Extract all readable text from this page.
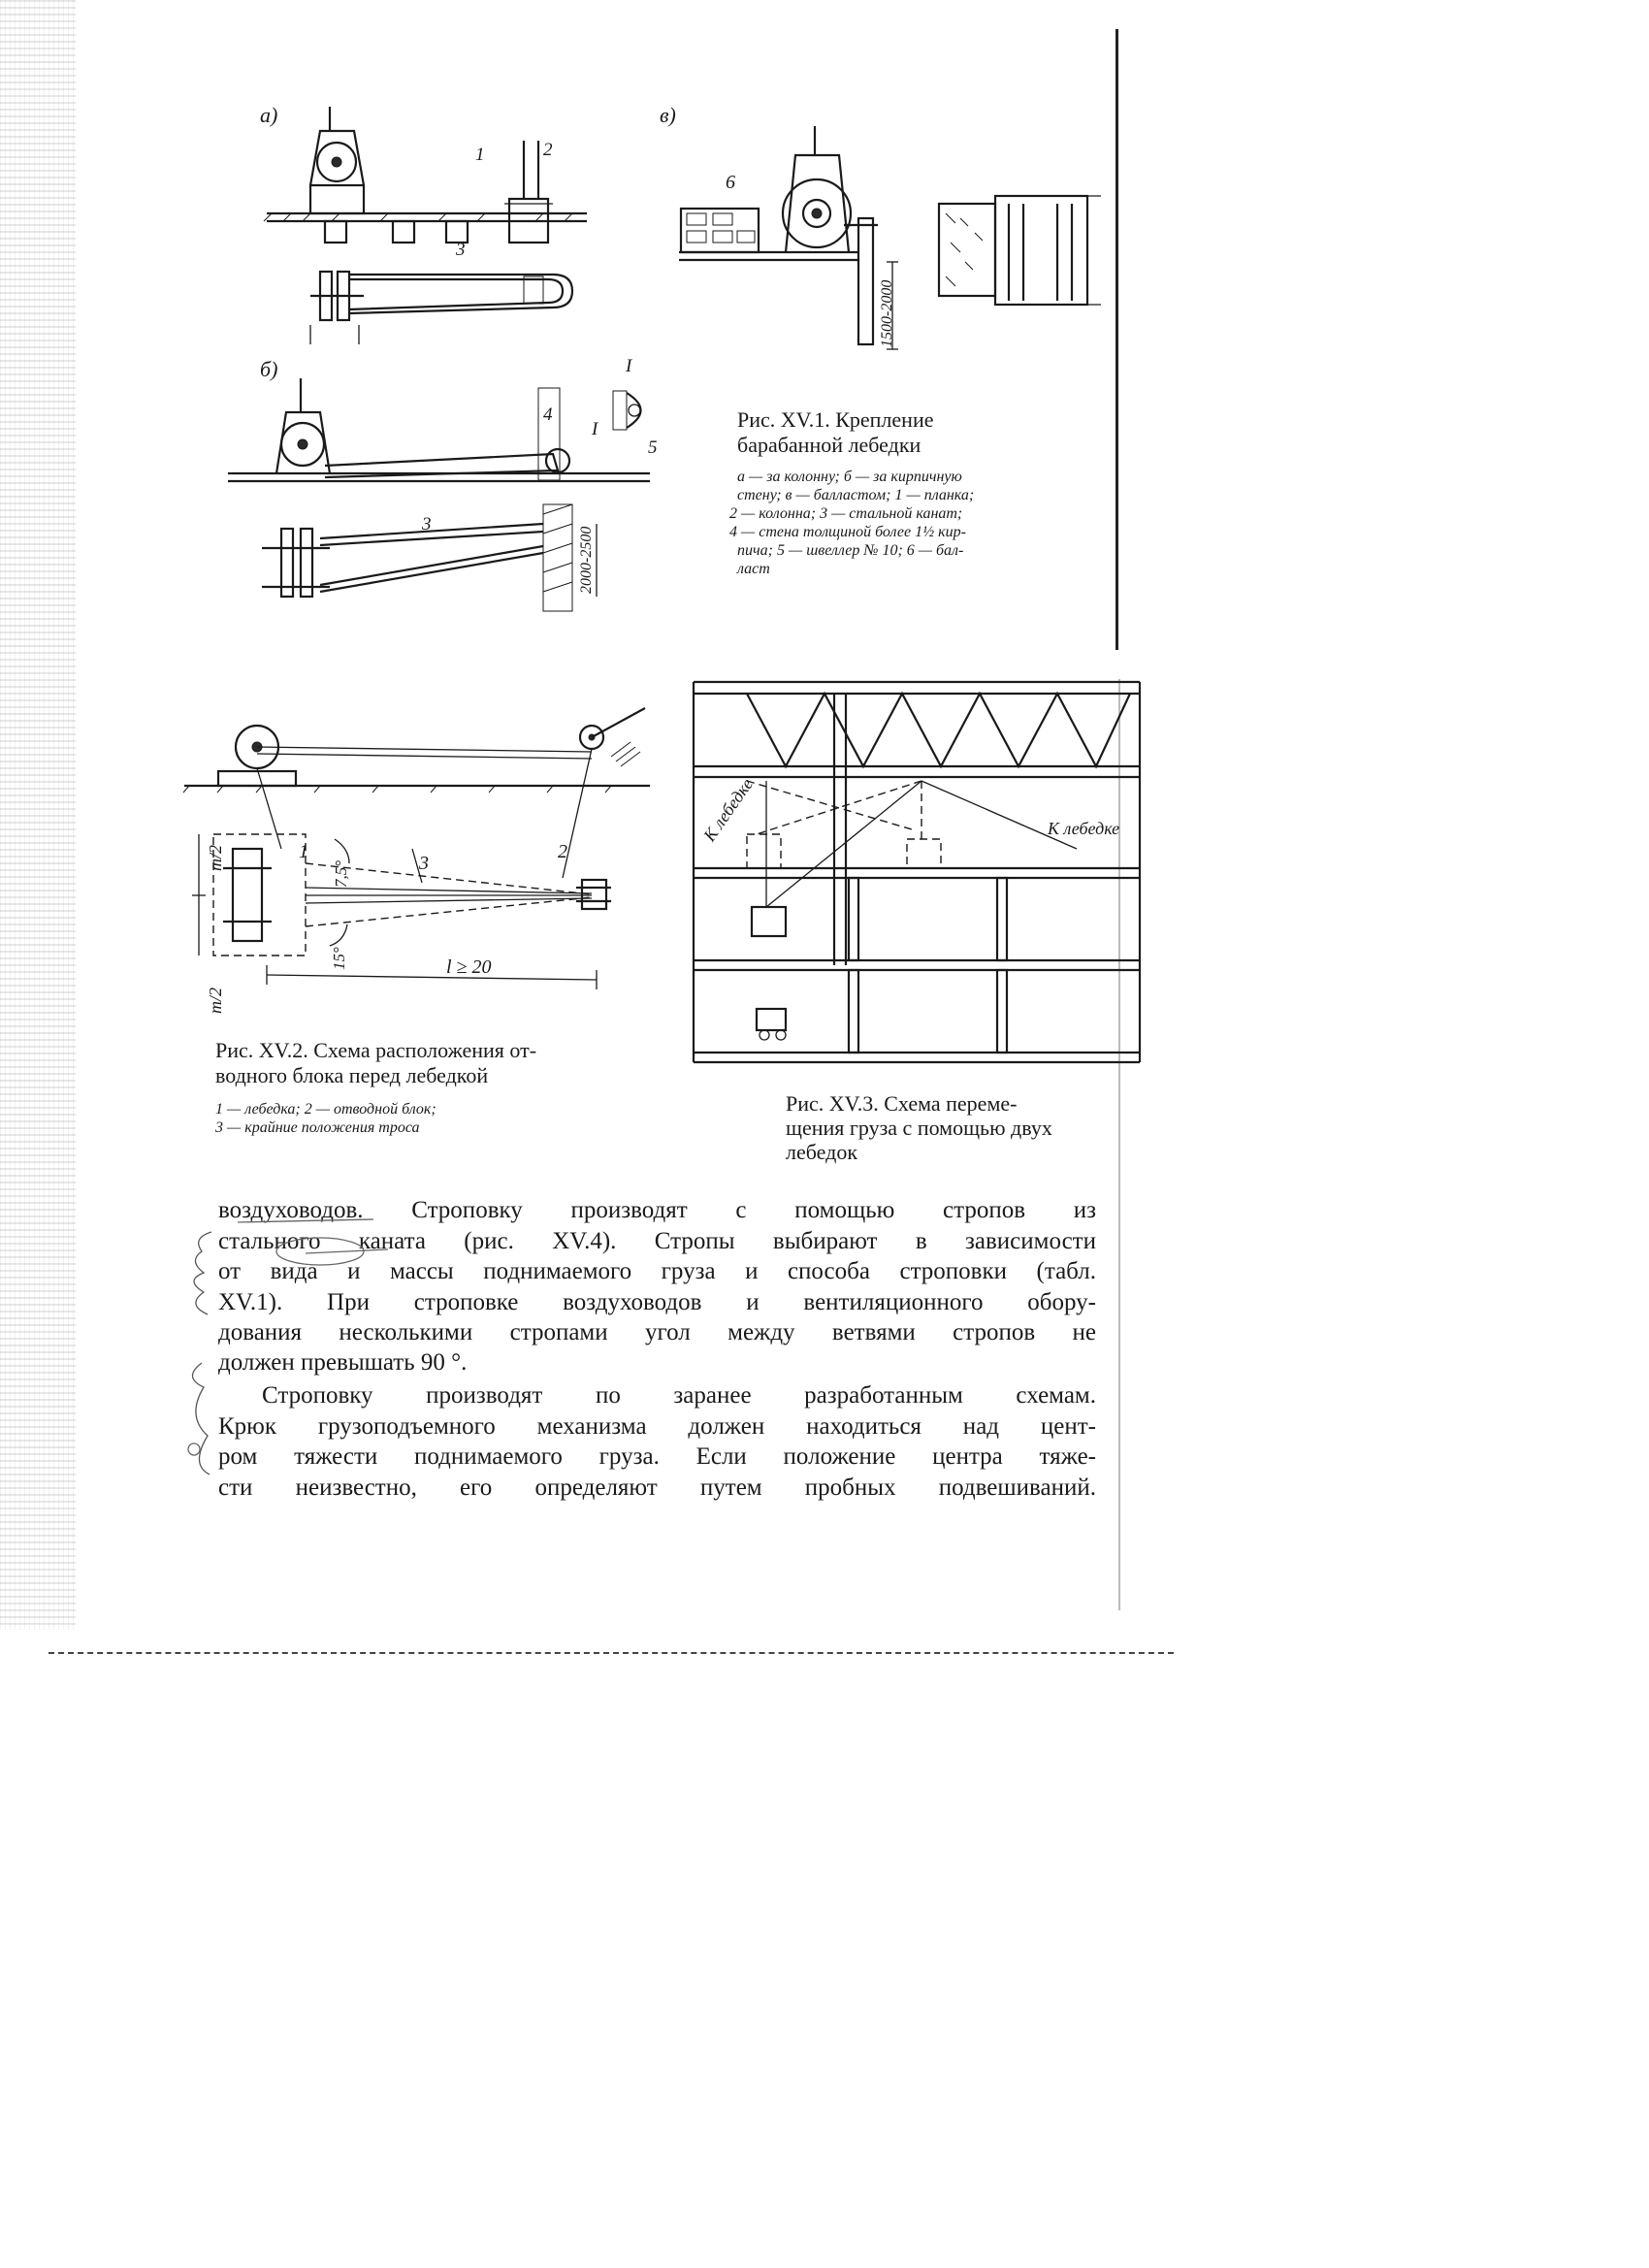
а)
1	2
3
в)
6
1500-2000
б)
4
I
3
2000-2500
I
5
Рис. XV.1. Крепление
барабанной лебедки
а — за колонну; б — за кирпичную
стену; в — балластом; 1 — планка;
2 — колонна; 3 — стальной канат;
4 — стена толщиной более 1½ кир-
пича; 5 — швеллер № 10; 6 — бал-
ласт
1	2
3
7,5°
15°	l ≥ 20
m/2
m/2
Рис. XV.2. Схема расположения от-
водного блока перед лебедкой
1 — лебедка; 2 — отводной блок;
3 — крайние положения троса
К лебедке	К лебедке
Рис. XV.3. Схема переме-
щения груза с помощью двух
лебедок
воздуховодов. Строповку производят с помощью стропов из
стального каната (рис. XV.4). Стропы выбирают в зависимости
от вида и массы поднимаемого груза и способа строповки (табл.
XV.1). При строповке воздуховодов и вентиляционного обору-
дования несколькими стропами угол между ветвями стропов не
должен превышать 90 °.
Строповку производят по заранее разработанным схемам.
Крюк грузоподъемного механизма должен находиться над цент-
ром тяжести поднимаемого груза. Если положение центра тяже-
сти неизвестно, его определяют путем пробных подвешиваний.
